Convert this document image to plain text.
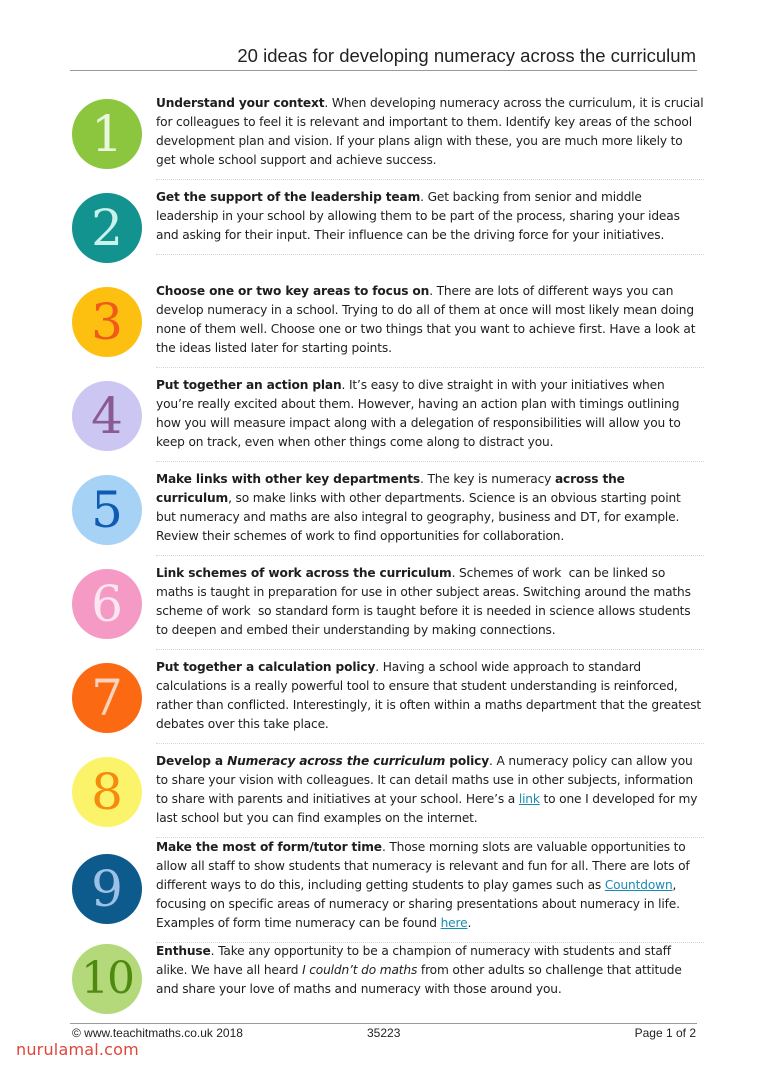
20 ideas for developing numeracy across the curriculum
1
Understand your context. When developing numeracy across the curriculum, it is crucial for colleagues to feel it is relevant and important to them. Identify key areas of the school development plan and vision. If your plans align with these, you are much more likely to get whole school support and achieve success.
2
Get the support of the leadership team. Get backing from senior and middle leadership in your school by allowing them to be part of the process, sharing your ideas and asking for their input. Their influence can be the driving force for your initiatives.
3
Choose one or two key areas to focus on. There are lots of different ways you can develop numeracy in a school. Trying to do all of them at once will most likely mean doing none of them well. Choose one or two things that you want to achieve first. Have a look at the ideas listed later for starting points.
4
Put together an action plan. It’s easy to dive straight in with your initiatives when you’re really excited about them. However, having an action plan with timings outlining how you will measure impact along with a delegation of responsibilities will allow you to keep on track, even when other things come along to distract you.
5
Make links with other key departments. The key is numeracy across the curriculum, so make links with other departments. Science is an obvious starting point but numeracy and maths are also integral to geography, business and DT, for example. Review their schemes of work to find opportunities for collaboration.
6
Link schemes of work across the curriculum. Schemes of work  can be linked so maths is taught in preparation for use in other subject areas. Switching around the maths scheme of work  so standard form is taught before it is needed in science allows students to deepen and embed their understanding by making connections.
7
Put together a calculation policy. Having a school wide approach to standard calculations is a really powerful tool to ensure that student understanding is reinforced, rather than conflicted. Interestingly, it is often within a maths department that the greatest debates over this take place.
8
Develop a Numeracy across the curriculum policy. A numeracy policy can allow you to share your vision with colleagues. It can detail maths use in other subjects, information to share with parents and initiatives at your school. Here’s a link to one I developed for my last school but you can find examples on the internet.
9
Make the most of form/tutor time. Those morning slots are valuable opportunities to allow all staff to show students that numeracy is relevant and fun for all. There are lots of different ways to do this, including getting students to play games such as Countdown, focusing on specific areas of numeracy or sharing presentations about numeracy in life. Examples of form time numeracy can be found here.
10
Enthuse. Take any opportunity to be a champion of numeracy with students and staff alike. We have all heard I couldn’t do maths from other adults so challenge that attitude and share your love of maths and numeracy with those around you.
© www.teachitmaths.co.uk 2018	35223	Page 1 of 2
nurulamal.com
